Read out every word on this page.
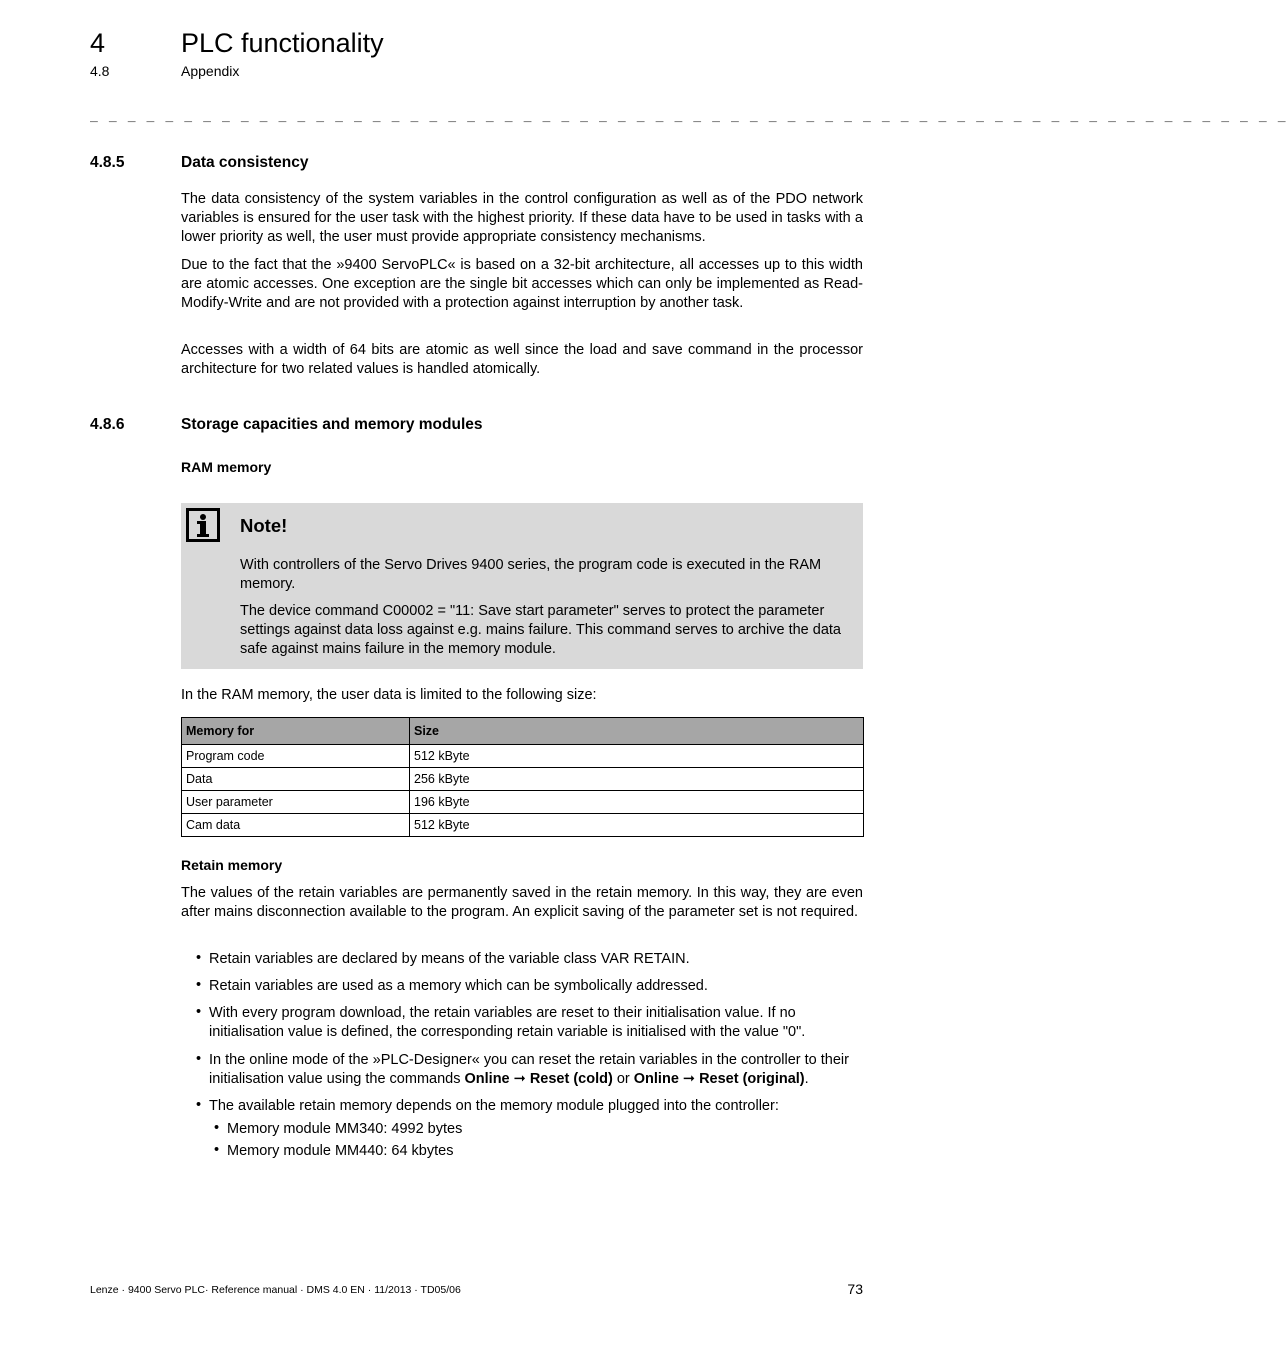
4	PLC functionality
4.8	Appendix
_ _ _ _ _ _ _ _ _ _ _ _ _ _ _ _ _ _ _ _ _ _ _ _ _ _ _ _ _ _ _ _ _ _ _ _ _ _ _ _ _ _ _ _ _ _ _ _ _ _ _ _ _ _ _ _ _ _ _ _ _ _ _ _
4.8.5	Data consistency
The data consistency of the system variables in the control configuration as well as of the PDO network variables is ensured for the user task with the highest priority. If these data have to be used in tasks with a lower priority as well, the user must provide appropriate consistency mechanisms.
Due to the fact that the »9400 ServoPLC« is based on a 32-bit architecture, all accesses up to this width are atomic accesses. One exception are the single bit accesses which can only be implemented as Read-Modify-Write and are not provided with a protection against interruption by another task.
Accesses with a width of 64 bits are atomic as well since the load and save command in the processor architecture for two related values is handled atomically.
4.8.6	Storage capacities and memory modules
RAM memory
Note!
With controllers of the Servo Drives 9400 series, the program code is executed in the RAM memory.
The device command C00002 = "11: Save start parameter" serves to protect the parameter settings against data loss against e.g. mains failure. This command serves to archive the data safe against mains failure in the memory module.
In the RAM memory, the user data is limited to the following size:
Memory for	Size
Program code	512 kByte
Data	256 kByte
User parameter	196 kByte
Cam data	512 kByte
Retain memory
The values of the retain variables are permanently saved in the retain memory. In this way, they are even after mains disconnection available to the program. An explicit saving of the parameter set is not required.
• Retain variables are declared by means of the variable class VAR RETAIN.
• Retain variables are used as a memory which can be symbolically addressed.
• With every program download, the retain variables are reset to their initialisation value. If no initialisation value is defined, the corresponding retain variable is initialised with the value "0".
• In the online mode of the »PLC-Designer« you can reset the retain variables in the controller to their initialisation value using the commands Online ➞ Reset (cold) or Online ➞ Reset (original).
• The available retain memory depends on the memory module plugged into the controller:
• Memory module MM340: 4992 bytes
• Memory module MM440: 64 kbytes
Lenze · 9400 Servo PLC· Reference manual · DMS 4.0 EN · 11/2013 · TD05/06	73
